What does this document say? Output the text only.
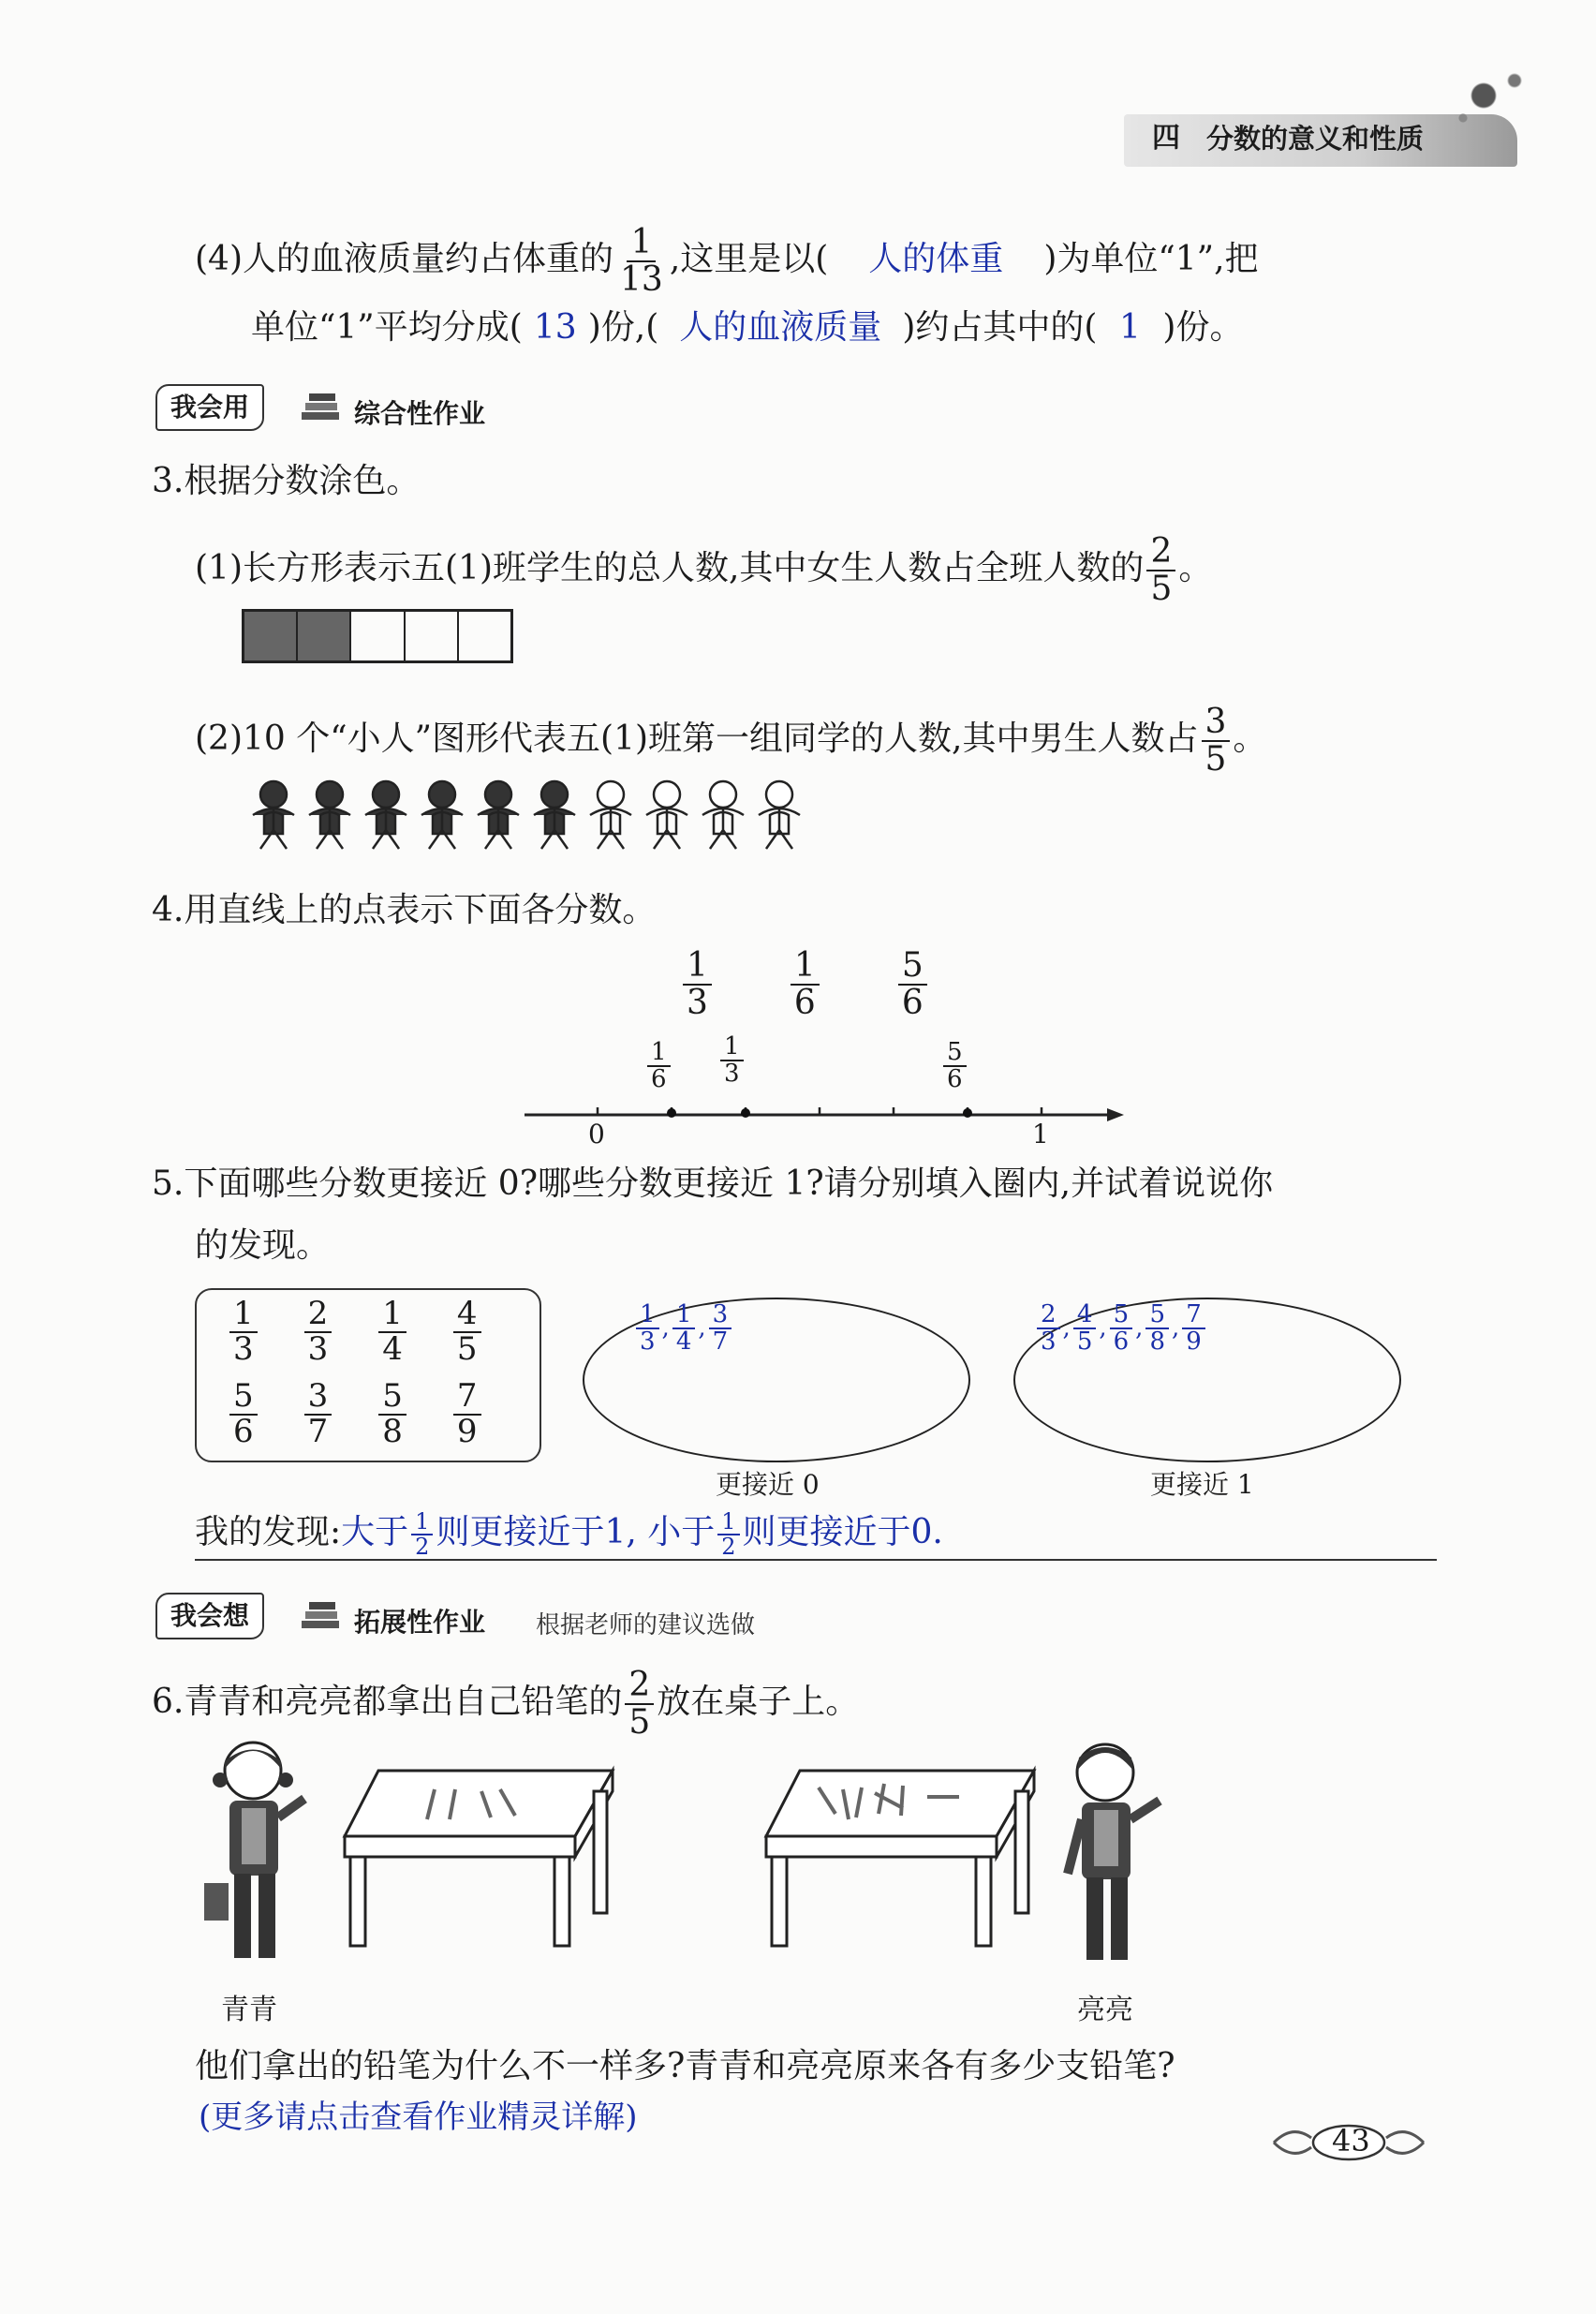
四 分数的意义和性质
(4)人的血液质量约占体重的 $\frac{1}{13}$ ,这里是以( 人的体重 )为单位“1”,把
单位“1”平均分成( 13 )份,( 人的血液质量 )约占其中的( 1 )份。
我会用	综合性作业
3.根据分数涂色。
(1)长方形表示五(1)班学生的总人数,其中女生人数占全班人数的 $\frac{2}{5}$ 。
(2)10 个“小人”图形代表五(1)班第一组同学的人数,其中男生人数占 $\frac{3}{5}$ 。
4.用直线上的点表示下面各分数。
$\frac{1}{3} \frac{1}{6} \frac{5}{6}$
0	1
$\frac{1}{6} \frac{1}{3}$	$\frac{5}{6}$
5.下面哪些分数更接近 0?哪些分数更接近 1?请分别填入圈内,并试着说说你
的发现。
$\frac{1}{3} \frac{2}{3} \frac{1}{4} \frac{4}{5}$
$\frac{5}{6} \frac{3}{7} \frac{5}{8} \frac{7}{9}$
$\frac{1}{3}$ , $\frac{1}{4}$ , $\frac{3}{7}$	$\frac{2}{3}$ , $\frac{4}{5}$ , $\frac{5}{6}$ , $\frac{5}{8}$ , $\frac{7}{9}$
更接近 0	更接近 1
我的发现:大于 $\frac{1}{2}$ 则更接近于1, 小于 $\frac{1}{2}$ 则更接近于0.
我会想	拓展性作业 根据老师的建议选做
6.青青和亮亮都拿出自己铅笔的 $\frac{2}{5}$ 放在桌子上。
青青	亮亮
他们拿出的铅笔为什么不一样多?青青和亮亮原来各有多少支铅笔?
(更多请点击查看作业精灵详解)
43
